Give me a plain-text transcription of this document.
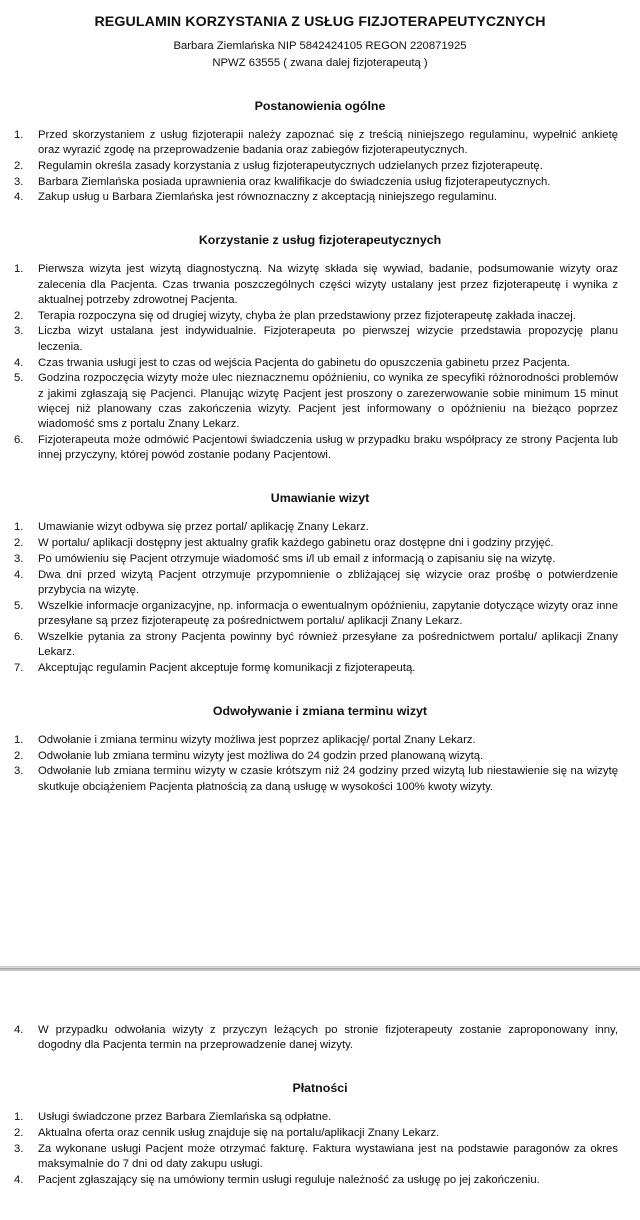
REGULAMIN KORZYSTANIA Z USŁUG FIZJOTERAPEUTYCZNYCH

Barbara Ziemlańska NIP 5842424105 REGON 220871925

NPWZ 63555 ( zwana dalej fizjoterapeutą )

Postanowienia ogólne
Przed skorzystaniem z usług fizjoterapii należy zapoznać się z treścią niniejszego regulaminu, wypełnić ankietę oraz wyrazić zgodę na przeprowadzenie badania oraz zabiegów fizjoterapeutycznych.
Regulamin określa zasady korzystania z usług fizjoterapeutycznych udzielanych przez fizjoterapeutę.
Barbara Ziemlańska posiada uprawnienia oraz kwalifikacje do świadczenia usług fizjoterapeutycznych.
Zakup usług u Barbara Ziemlańska jest równoznaczny z akceptacją niniejszego regulaminu.
Korzystanie z usług fizjoterapeutycznych
Pierwsza wizyta jest wizytą diagnostyczną. Na wizytę składa się wywiad, badanie, podsumowanie wizyty oraz zalecenia dla Pacjenta. Czas trwania poszczególnych części wizyty ustalany jest przez fizjoterapeutę i wynika z aktualnej potrzeby zdrowotnej Pacjenta.
Terapia rozpoczyna się od drugiej wizyty, chyba że plan przedstawiony przez fizjoterapeutę zakłada inaczej.
Liczba wizyt ustalana jest indywidualnie. Fizjoterapeuta po pierwszej wizycie przedstawia propozycję planu leczenia.
Czas trwania usługi jest to czas od wejścia Pacjenta do gabinetu do opuszczenia gabinetu przez Pacjenta.
Godzina rozpoczęcia wizyty może ulec nieznacznemu opóźnieniu, co wynika ze specyfiki różnorodności problemów z jakimi zgłaszają się Pacjenci. Planując wizytę Pacjent jest proszony o zarezerwowanie sobie minimum 15 minut więcej niż planowany czas zakończenia wizyty. Pacjent jest informowany o opóźnieniu na bieżąco poprzez wiadomość sms z portalu Znany Lekarz.
Fizjoterapeuta może odmówić Pacjentowi świadczenia usług w przypadku braku współpracy ze strony Pacjenta lub innej przyczyny, której powód zostanie podany Pacjentowi.
Umawianie wizyt
Umawianie wizyt odbywa się przez portal/ aplikację Znany Lekarz.
W portalu/ aplikacji dostępny jest aktualny grafik każdego gabinetu oraz dostępne dni i godziny przyjęć.
Po umówieniu się Pacjent otrzymuje wiadomość sms i/l ub email z informacją o zapisaniu się na wizytę.
Dwa dni przed wizytą Pacjent otrzymuje przypomnienie o zbliżającej się wizycie oraz prośbę o potwierdzenie przybycia na wizytę.
Wszelkie informacje organizacyjne, np. informacja o ewentualnym opóźnieniu, zapytanie dotyczące wizyty oraz inne przesyłane są przez fizjoterapeutę za pośrednictwem portalu/ aplikacji Znany Lekarz.
Wszelkie pytania za strony Pacjenta powinny być również przesyłane za pośrednictwem portalu/ aplikacji Znany Lekarz.
Akceptując regulamin Pacjent akceptuje formę komunikacji z fizjoterapeutą.
Odwoływanie i zmiana terminu wizyt
Odwołanie i zmiana terminu wizyty możliwa jest poprzez aplikację/ portal Znany Lekarz.
Odwołanie lub zmiana terminu wizyty jest możliwa do 24 godzin przed planowaną wizytą.
Odwołanie lub zmiana terminu wizyty w czasie krótszym niż 24 godziny przed wizytą lub niestawienie się na wizytę skutkuje obciążeniem Pacjenta płatnością za daną usługę w wysokości 100% kwoty wizyty.
W przypadku odwołania wizyty z przyczyn leżących po stronie fizjoterapeuty zostanie zaproponowany inny, dogodny dla Pacjenta termin na przeprowadzenie danej wizyty.
Płatności
Usługi świadczone przez Barbara Ziemlańska są odpłatne.
Aktualna oferta oraz cennik usług znajduje się na portalu/aplikacji Znany Lekarz.
Za wykonane usługi Pacjent może otrzymać fakturę. Faktura wystawiana jest na podstawie paragonów za okres maksymalnie do 7 dni od daty zakupu usługi.
Pacjent zgłaszający się na umówiony termin usługi reguluje należność za usługę po jej zakończeniu.
